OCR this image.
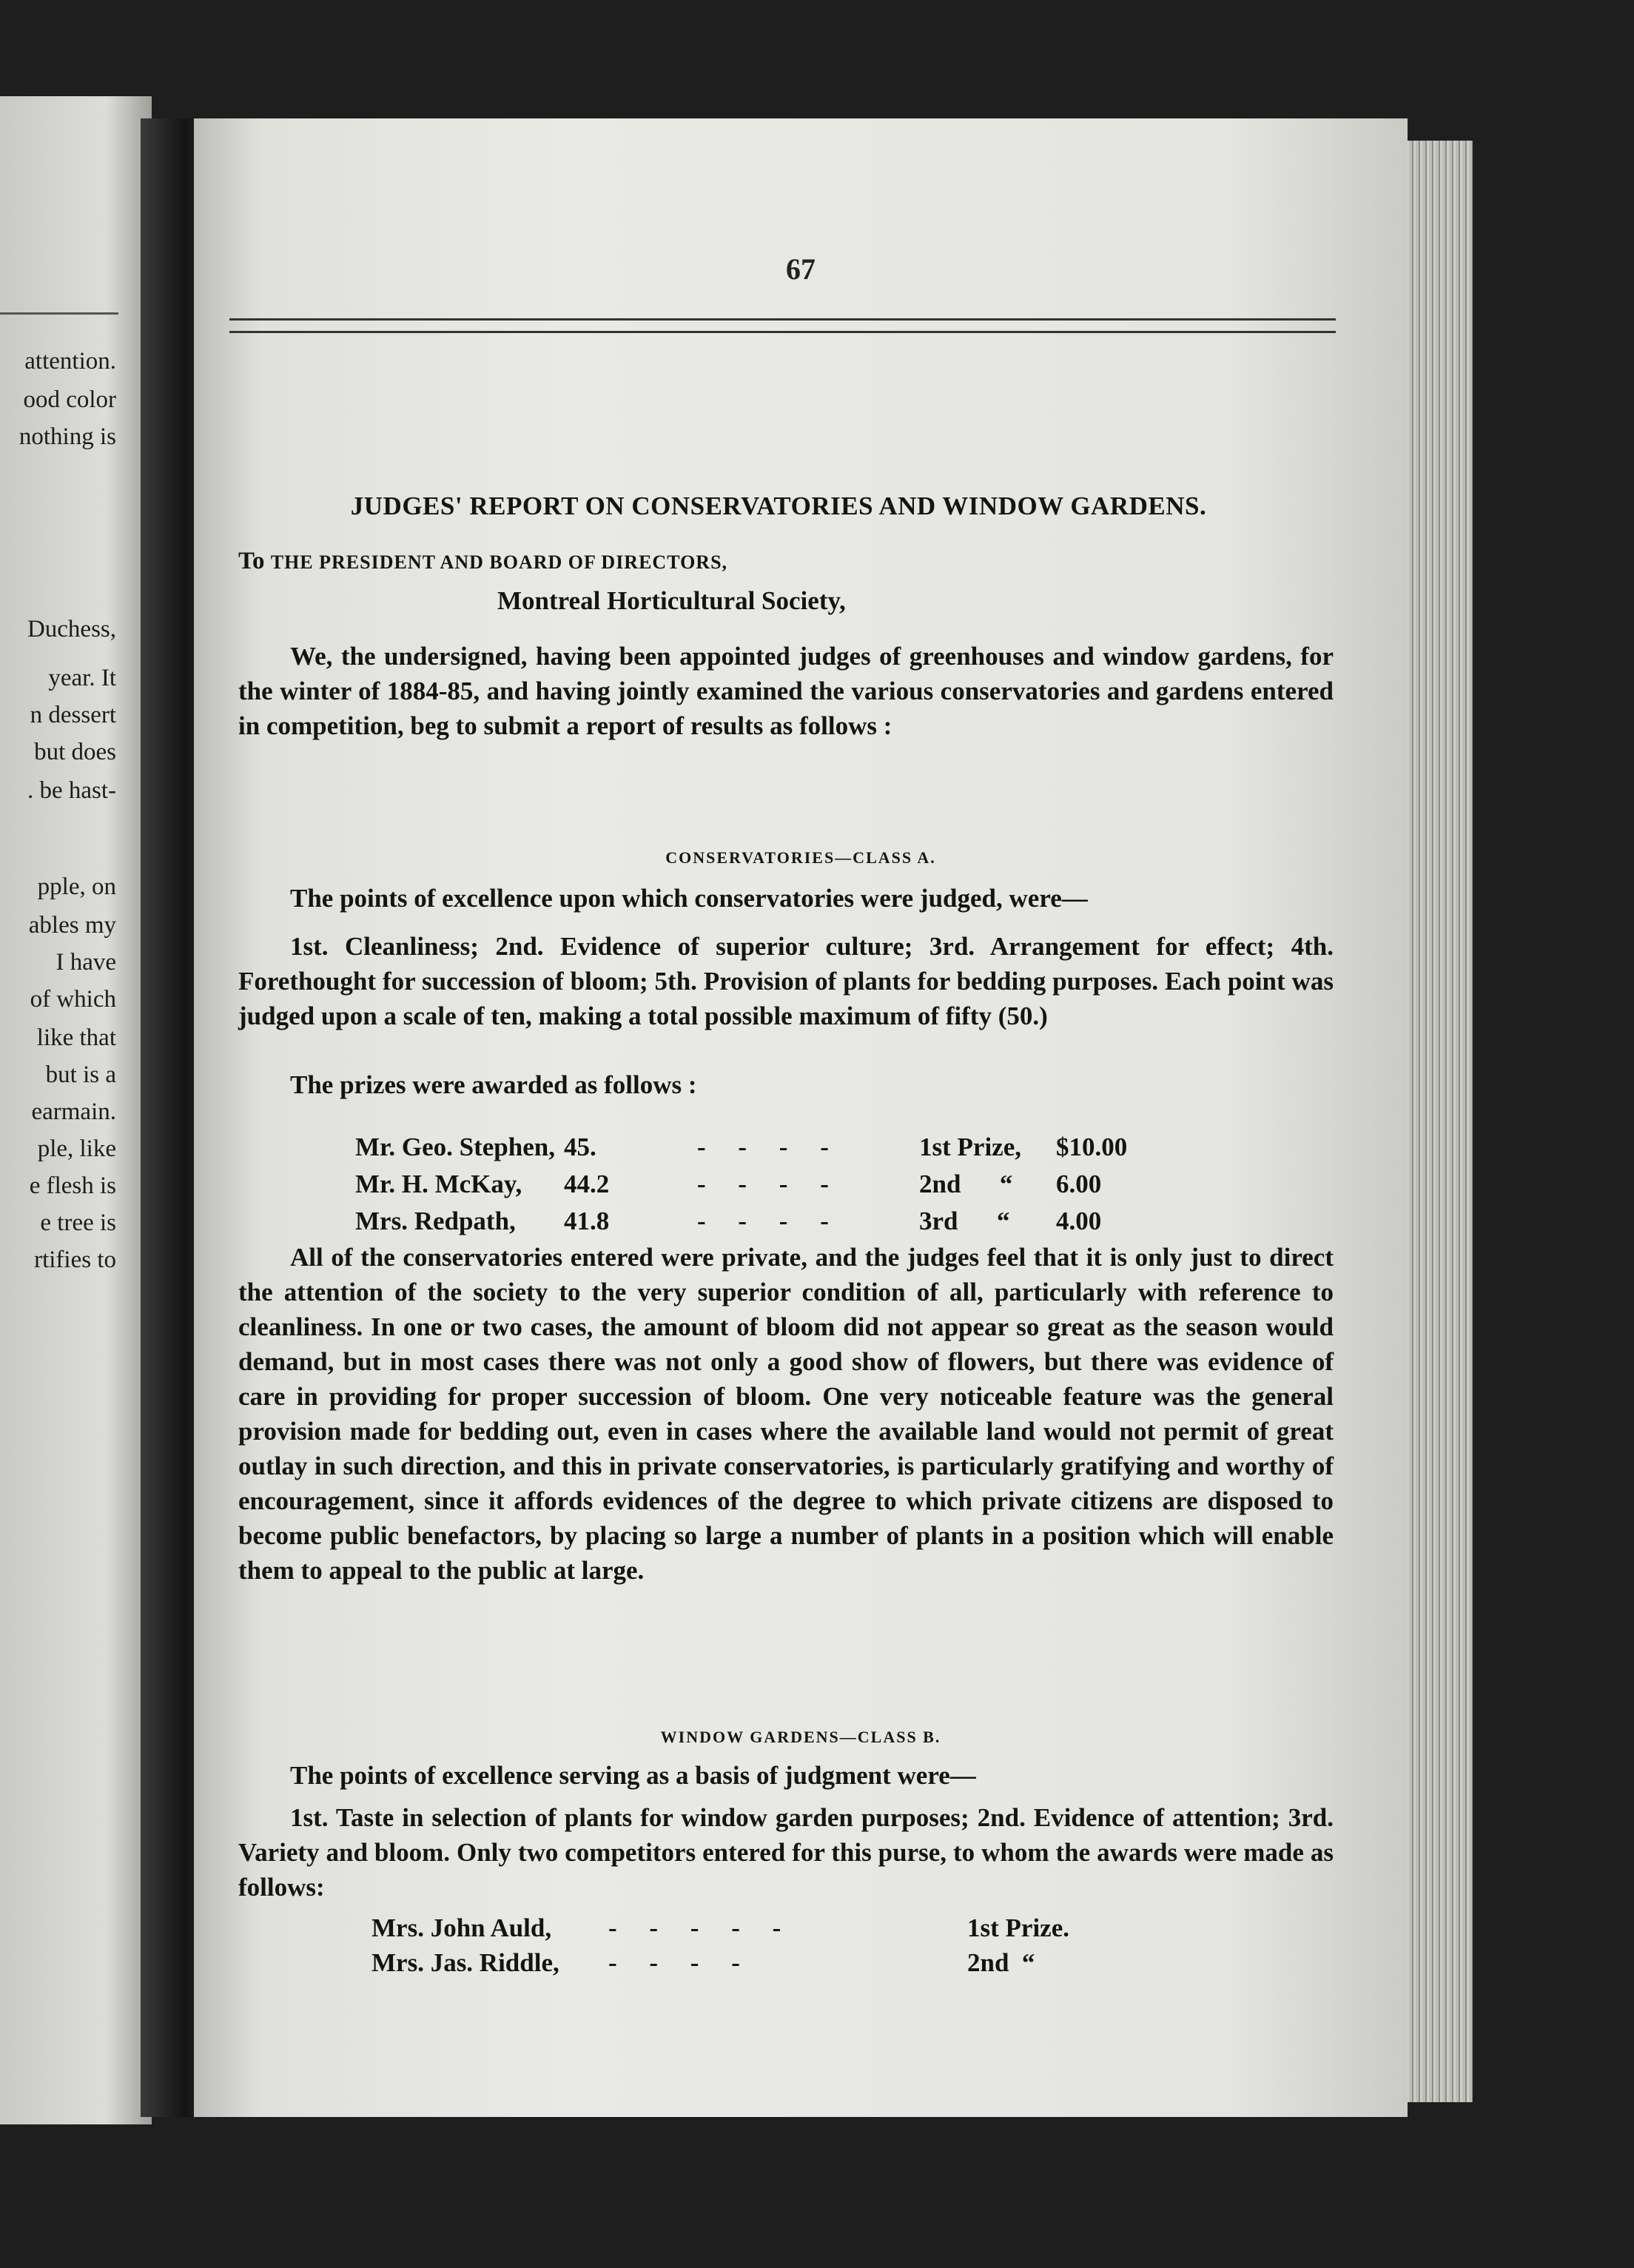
attention.
ood color
nothing is
Duchess,
year. It
n dessert
but does
. be hast-
pple, on
ables my
I have
of which
like that
but is a
earmain.
ple, like
e flesh is
e tree is
rtifies to
67
JUDGES' REPORT ON CONSERVATORIES AND WINDOW GARDENS.
To THE PRESIDENT AND BOARD OF DIRECTORS,
Montreal Horticultural Society,
We, the undersigned, having been appointed judges of greenhouses and window gardens, for the winter of 1884-85, and having jointly examined the various conservatories and gardens entered in competition, beg to submit a report of results as follows :
CONSERVATORIES—CLASS A.
The points of excellence upon which conservatories were judged, were—
1st. Cleanliness; 2nd. Evidence of superior culture; 3rd. Arrangement for effect; 4th. Forethought for succession of bloom; 5th. Provision of plants for bedding purposes. Each point was judged upon a scale of ten, making a total possible maximum of fifty (50.)
The prizes were awarded as follows :
Mr. Geo. Stephen, 45.	-     -     -     -	1st Prize, $10.00
Mr. H. McKay, 44.2	-     -     -     -	2nd      “ 6.00
Mrs. Redpath, 41.8	-     -     -     -	3rd      “ 4.00
All of the conservatories entered were private, and the judges feel that it is only just to direct the attention of the society to the very superior condition of all, particularly with reference to cleanliness. In one or two cases, the amount of bloom did not appear so great as the season would demand, but in most cases there was not only a good show of flowers, but there was evidence of care in providing for proper succession of bloom. One very noticeable feature was the general provision made for bedding out, even in cases where the available land would not permit of great outlay in such direction, and this in private conservatories, is particularly gratifying and worthy of encouragement, since it affords evidences of the degree to which private citizens are disposed to become public benefactors, by placing so large a number of plants in a position which will enable them to appeal to the public at large.
WINDOW GARDENS—CLASS B.
The points of excellence serving as a basis of judgment were—
1st. Taste in selection of plants for window garden purposes; 2nd. Evidence of attention; 3rd. Variety and bloom. Only two competitors entered for this purse, to whom the awards were made as follows:
Mrs. John Auld, -     -     -     -     -	1st Prize.
Mrs. Jas. Riddle, -     -     -     -	2nd  “
